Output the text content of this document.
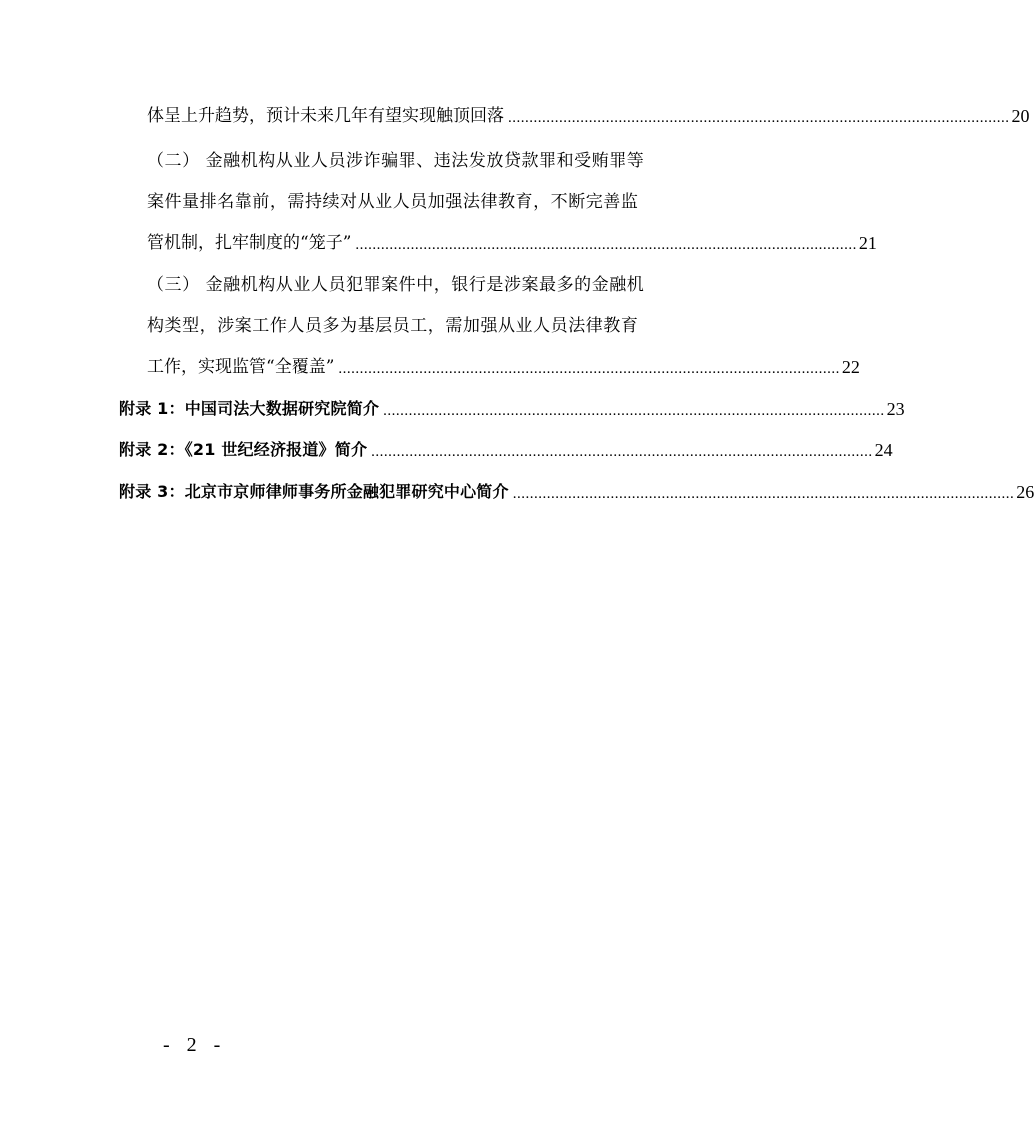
体呈上升趋势，预计未来几年有望实现触顶回落 ...................................................................................................................... 20
（二） 金融机构从业人员涉诈骗罪、违法发放贷款罪和受贿罪等
案件量排名靠前，需持续对从业人员加强法律教育，不断完善监
管机制，扎牢制度的“笼子” ...................................................................................................................... 21
（三） 金融机构从业人员犯罪案件中，银行是涉案最多的金融机
构类型，涉案工作人员多为基层员工，需加强从业人员法律教育
工作，实现监管“全覆盖” ...................................................................................................................... 22
附录 1：中国司法大数据研究院简介 ...................................................................................................................... 23
附录 2：《21 世纪经济报道》简介 ...................................................................................................................... 24
附录 3：北京市京师律师事务所金融犯罪研究中心简介 ...................................................................................................................... 26
- 2 -
